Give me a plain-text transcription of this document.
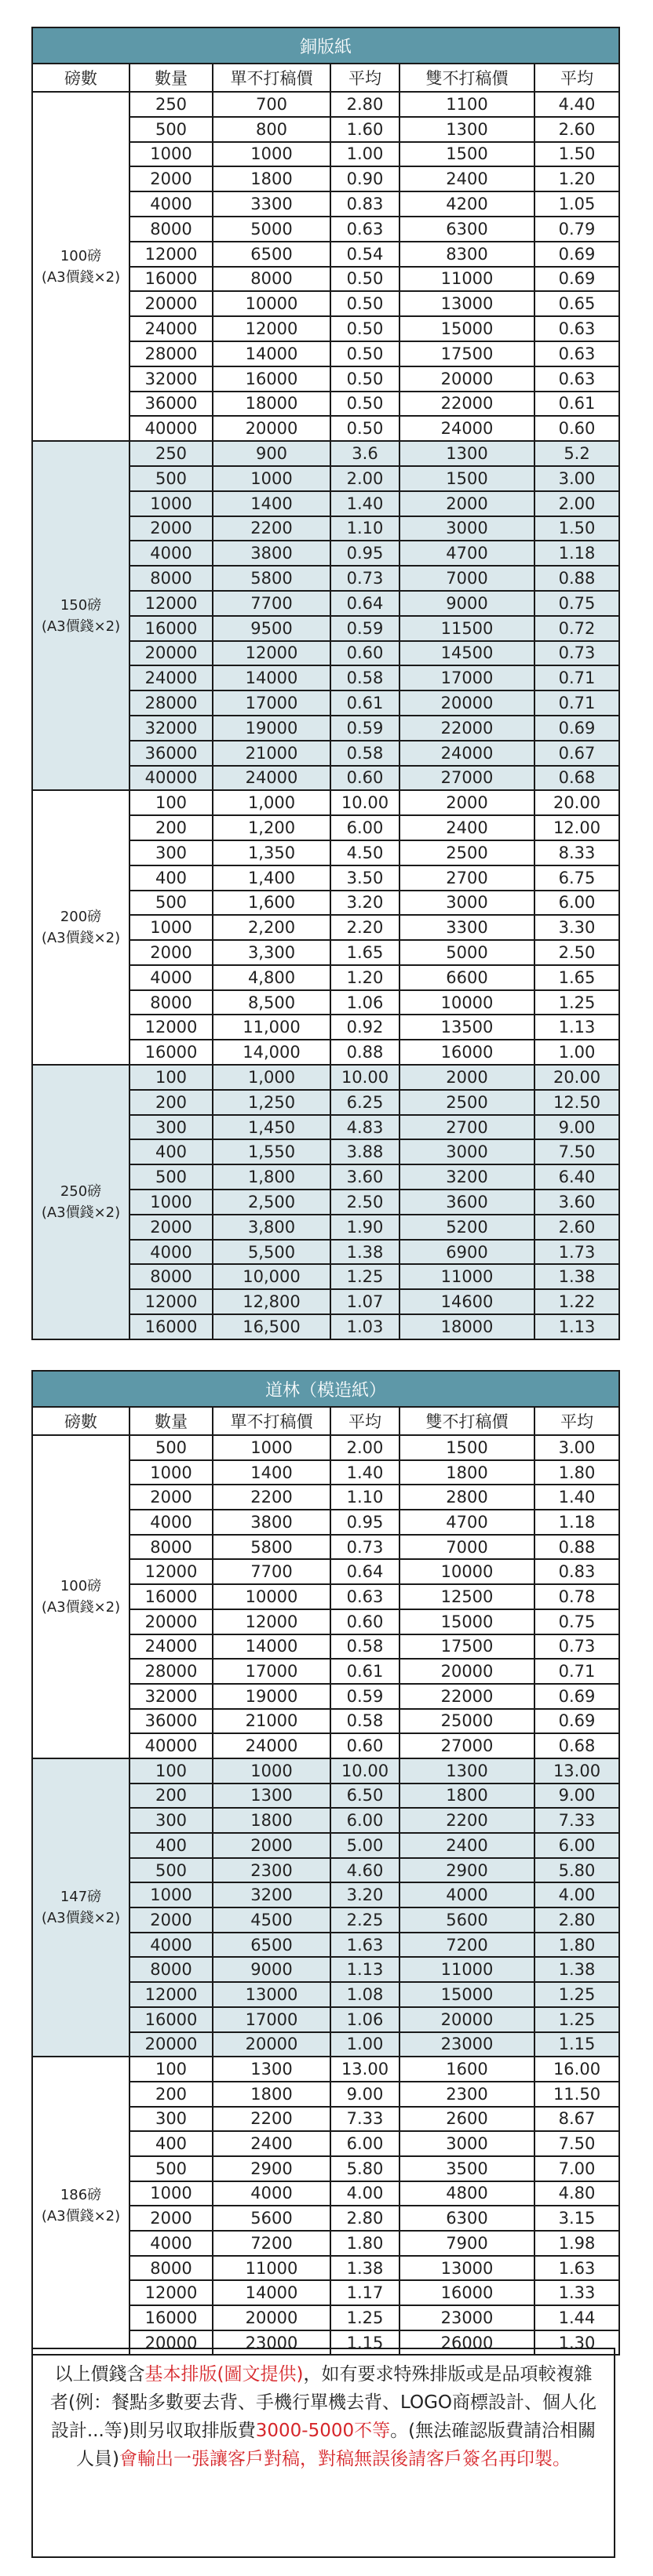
銅版紙					
磅數	數量	單不打稿價	平均	雙不打稿價	平均

100磅
(A3價錢×2)	250	700	2.80	1100	4.40
	500	800	1.60	1300	2.60
	1000	1000	1.00	1500	1.50
	2000	1800	0.90	2400	1.20
	4000	3300	0.83	4200	1.05
	8000	5000	0.63	6300	0.79
	12000	6500	0.54	8300	0.69
	16000	8000	0.50	11000	0.69
	20000	10000	0.50	13000	0.65
	24000	12000	0.50	15000	0.63
	28000	14000	0.50	17500	0.63
	32000	16000	0.50	20000	0.63
	36000	18000	0.50	22000	0.61
	40000	20000	0.50	24000	0.60

150磅
(A3價錢×2)	250	900	3.6	1300	5.2
	500	1000	2.00	1500	3.00
	1000	1400	1.40	2000	2.00
	2000	2200	1.10	3000	1.50
	4000	3800	0.95	4700	1.18
	8000	5800	0.73	7000	0.88
	12000	7700	0.64	9000	0.75
	16000	9500	0.59	11500	0.72
	20000	12000	0.60	14500	0.73
	24000	14000	0.58	17000	0.71
	28000	17000	0.61	20000	0.71
	32000	19000	0.59	22000	0.69
	36000	21000	0.58	24000	0.67
	40000	24000	0.60	27000	0.68

200磅
(A3價錢×2)	100	1,000	10.00	2000	20.00
	200	1,200	6.00	2400	12.00
	300	1,350	4.50	2500	8.33
	400	1,400	3.50	2700	6.75
	500	1,600	3.20	3000	6.00
	1000	2,200	2.20	3300	3.30
	2000	3,300	1.65	5000	2.50
	4000	4,800	1.20	6600	1.65
	8000	8,500	1.06	10000	1.25
	12000	11,000	0.92	13500	1.13
	16000	14,000	0.88	16000	1.00

250磅
(A3價錢×2)	100	1,000	10.00	2000	20.00
	200	1,250	6.25	2500	12.50
	300	1,450	4.83	2700	9.00
	400	1,550	3.88	3000	7.50
	500	1,800	3.60	3200	6.40
	1000	2,500	2.50	3600	3.60
	2000	3,800	1.90	5200	2.60
	4000	5,500	1.38	6900	1.73
	8000	10,000	1.25	11000	1.38
	12000	12,800	1.07	14600	1.22
	16000	16,500	1.03	18000	1.13
道林（模造紙）					
磅數	數量	單不打稿價	平均	雙不打稿價	平均

100磅
(A3價錢×2)	500	1000	2.00	1500	3.00
	1000	1400	1.40	1800	1.80
	2000	2200	1.10	2800	1.40
	4000	3800	0.95	4700	1.18
	8000	5800	0.73	7000	0.88
	12000	7700	0.64	10000	0.83
	16000	10000	0.63	12500	0.78
	20000	12000	0.60	15000	0.75
	24000	14000	0.58	17500	0.73
	28000	17000	0.61	20000	0.71
	32000	19000	0.59	22000	0.69
	36000	21000	0.58	25000	0.69
	40000	24000	0.60	27000	0.68

147磅
(A3價錢×2)	100	1000	10.00	1300	13.00
	200	1300	6.50	1800	9.00
	300	1800	6.00	2200	7.33
	400	2000	5.00	2400	6.00
	500	2300	4.60	2900	5.80
	1000	3200	3.20	4000	4.00
	2000	4500	2.25	5600	2.80
	4000	6500	1.63	7200	1.80
	8000	9000	1.13	11000	1.38
	12000	13000	1.08	15000	1.25
	16000	17000	1.06	20000	1.25
	20000	20000	1.00	23000	1.15

186磅
(A3價錢×2)	100	1300	13.00	1600	16.00
	200	1800	9.00	2300	11.50
	300	2200	7.33	2600	8.67
	400	2400	6.00	3000	7.50
	500	2900	5.80	3500	7.00
	1000	4000	4.00	4800	4.80
	2000	5600	2.80	6300	3.15
	4000	7200	1.80	7900	1.98
	8000	11000	1.38	13000	1.63
	12000	14000	1.17	16000	1.33
	16000	20000	1.25	23000	1.44
	20000	23000	1.15	26000	1.30
以上價錢含基本排版(圖文提供)，如有要求特殊排版或是品項較複雜者(例：餐點多數要去背、手機行單機去背、LOGO商標設計、個人化設計...等)則另収取排版費3000-5000不等。(無法確認版費請洽相關人員)會輸出一張讓客戶對稿，對稿無誤後請客戶簽名再印製。
